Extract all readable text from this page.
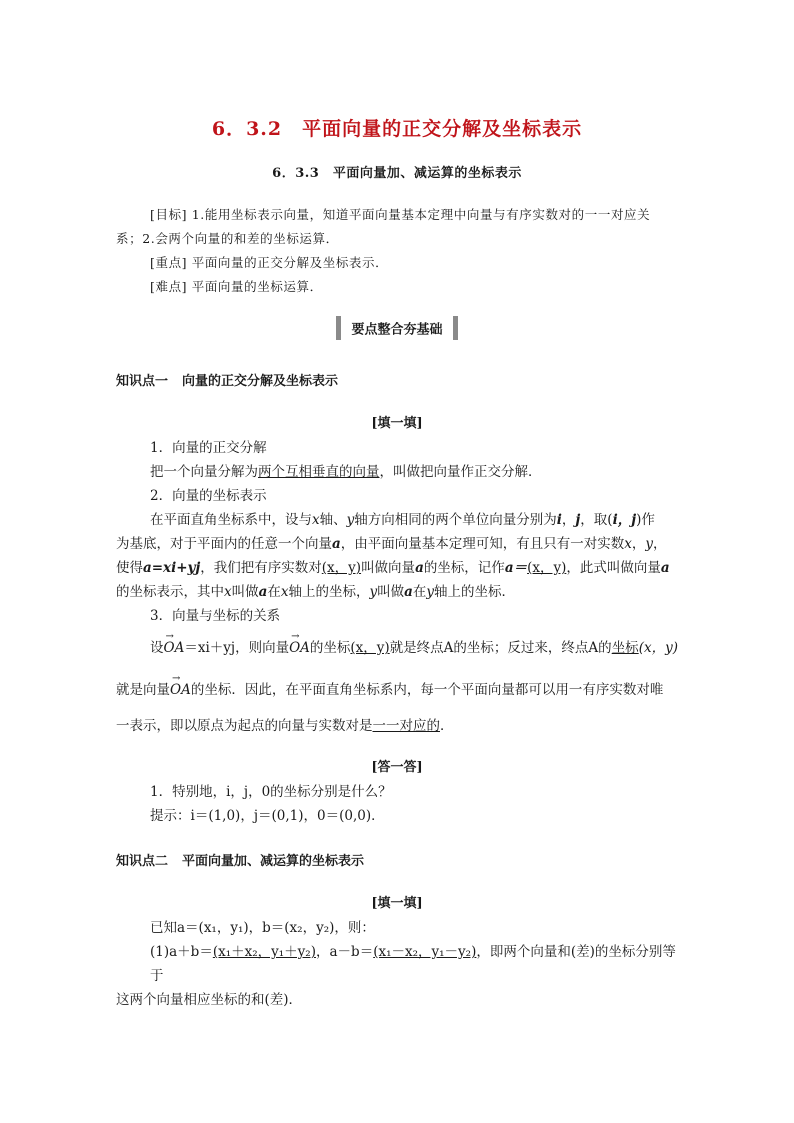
6．3.2　平面向量的正交分解及坐标表示
6．3.3　平面向量加、减运算的坐标表示

[目标] 1.能用坐标表示向量，知道平面向量基本定理中向量与有序实数对的一一对应关

系；2.会两个向量的和差的坐标运算．

[重点] 平面向量的正交分解及坐标表示．

[难点] 平面向量的坐标运算．

要点整合夯基础
知识点一 向量的正交分解及坐标表示
[填一填]

1．向量的正交分解

把一个向量分解为两个互相垂直的向量，叫做把向量作正交分解．

2．向量的坐标表示

在平面直角坐标系中，设与x轴、y轴方向相同的两个单位向量分别为i，j，取(i，j)作

为基底，对于平面内的任意一个向量a，由平面向量基本定理可知，有且只有一对实数x，y，

使得a=xi+yj，我们把有序实数对(x，y)叫做向量a的坐标，记作a＝(x，y)，此式叫做向量a

的坐标表示，其中x叫做a在x轴上的坐标，y叫做a在y轴上的坐标．

3．向量与坐标的关系

设→ OA＝xi＋yj，则向量→ OA的坐标(x，y)就是终点A的坐标；反过来，终点A的坐标(x，y)

就是向量→ OA的坐标．因此，在平面直角坐标系内，每一个平面向量都可以用一有序实数对唯

一表示，即以原点为起点的向量与实数对是一一对应的．

[答一答]

1．特别地，i，j，0的坐标分别是什么？

提示：i＝(1,0)，j＝(0,1)，0＝(0,0)．

知识点二 平面向量加、减运算的坐标表示
[填一填]

已知a＝(x₁，y₁)，b＝(x₂，y₂)，则：

(1)a＋b＝(x₁＋x₂，y₁＋y₂)，a－b＝(x₁－x₂，y₁－y₂)，即两个向量和(差)的坐标分别等于

这两个向量相应坐标的和(差)．
